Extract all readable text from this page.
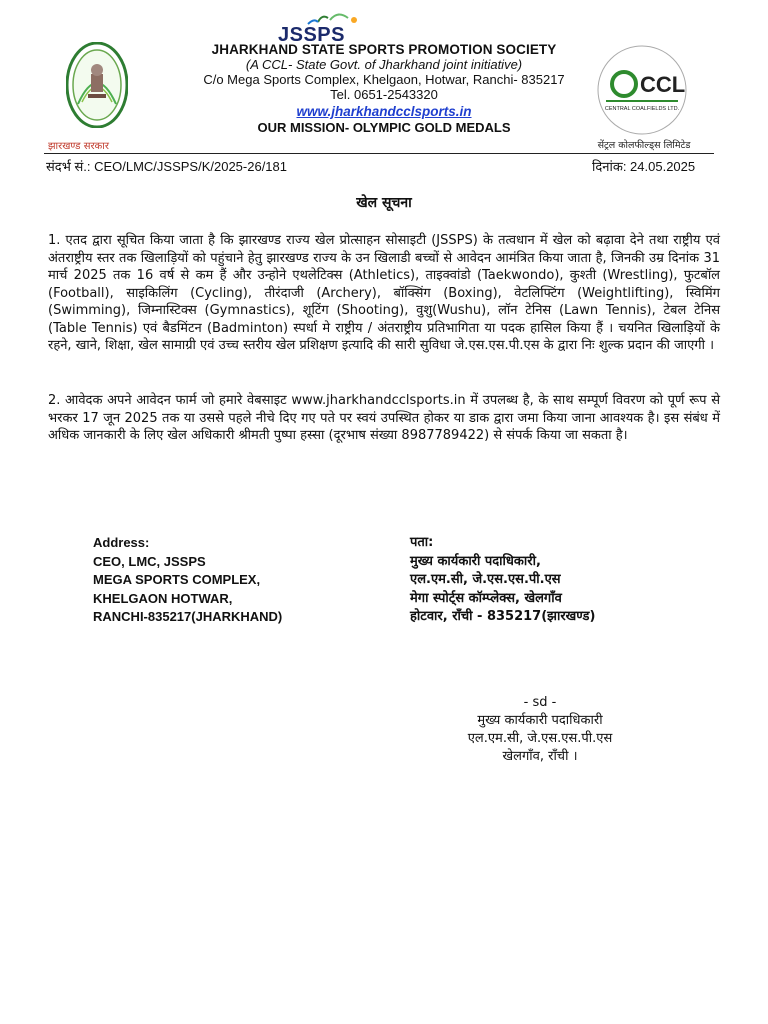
झारखण्ड सरकार
JSSPS
JHARKHAND STATE SPORTS PROMOTION SOCIETY
(A CCL- State Govt. of Jharkhand joint initiative)
C/o Mega Sports Complex, Khelgaon, Hotwar, Ranchi- 835217
Tel. 0651-2543320
www.jharkhandcclsports.in
OUR MISSION- OLYMPIC GOLD MEDALS
CCL
CENTRAL COALFIELDS LTD.
सेंट्रल कोलफील्ड्स लिमिटेड
संदर्भ सं.: CEO/LMC/JSSPS/K/2025-26/181	दिनांक: 24.05.2025
खेल सूचना
1. एतद द्वारा सूचित किया जाता है कि झारखण्ड राज्य खेल प्रोत्साहन सोसाइटी (JSSPS) के तत्वधान में खेल को बढ़ावा देने तथा राष्ट्रीय एवं अंतराष्ट्रीय स्तर तक खिलाड़ियों को पहुंचाने हेतु झारखण्ड राज्य के उन खिलाडी बच्चों से आवेदन आमंत्रित किया जाता है, जिनकी उम्र दिनांक 31 मार्च 2025 तक 16 वर्ष से कम हैं और उन्होने एथलेटिक्स (Athletics), ताइक्वांडो (Taekwondo), कुश्ती (Wrestling), फुटबॉल (Football), साइकिलिंग (Cycling), तीरंदाजी (Archery), बॉक्सिंग (Boxing), वेटलिफ्टिंग (Weightlifting), स्विमिंग (Swimming), जिम्नास्टिक्स (Gymnastics), शूटिंग (Shooting), वुशु(Wushu), लॉन टेनिस (Lawn Tennis), टेबल टेनिस (Table Tennis) एवं बैडमिंटन (Badminton) स्पर्धा मे राष्ट्रीय / अंतराष्ट्रीय प्रतिभागिता या पदक हासिल किया हैं । चयनित खिलाड़ियों के रहने, खाने, शिक्षा, खेल सामाग्री एवं उच्च स्तरीय खेल प्रशिक्षण इत्यादि की सारी सुविधा जे.एस.एस.पी.एस के द्वारा निः शुल्क प्रदान की जाएगी ।
2. आवेदक अपने आवेदन फार्म जो हमारे वेबसाइट www.jharkhandcclsports.in में उपलब्ध है, के साथ सम्पूर्ण विवरण को पूर्ण रूप से भरकर 17 जून 2025 तक या उससे पहले नीचे दिए गए पते पर स्वयं उपस्थित होकर या डाक द्वारा जमा किया जाना आवश्यक है। इस संबंध में अधिक जानकारी के लिए खेल अधिकारी श्रीमती पुष्पा हस्सा (दूरभाष संख्या 8987789422) से संपर्क किया जा सकता है।
Address:
CEO, LMC, JSSPS
MEGA SPORTS COMPLEX,
KHELGAON HOTWAR,
RANCHI-835217(JHARKHAND)
पता:
मुख्य कार्यकारी पदाधिकारी,
एल.एम.सी, जे.एस.एस.पी.एस
मेगा स्पोर्ट्स कॉम्प्लेक्स, खेलगाँव
होटवार, राँची - 835217(झारखण्ड)
- sd -
मुख्य कार्यकारी पदाधिकारी
एल.एम.सी, जे.एस.एस.पी.एस
खेलगाँव, राँची ।
